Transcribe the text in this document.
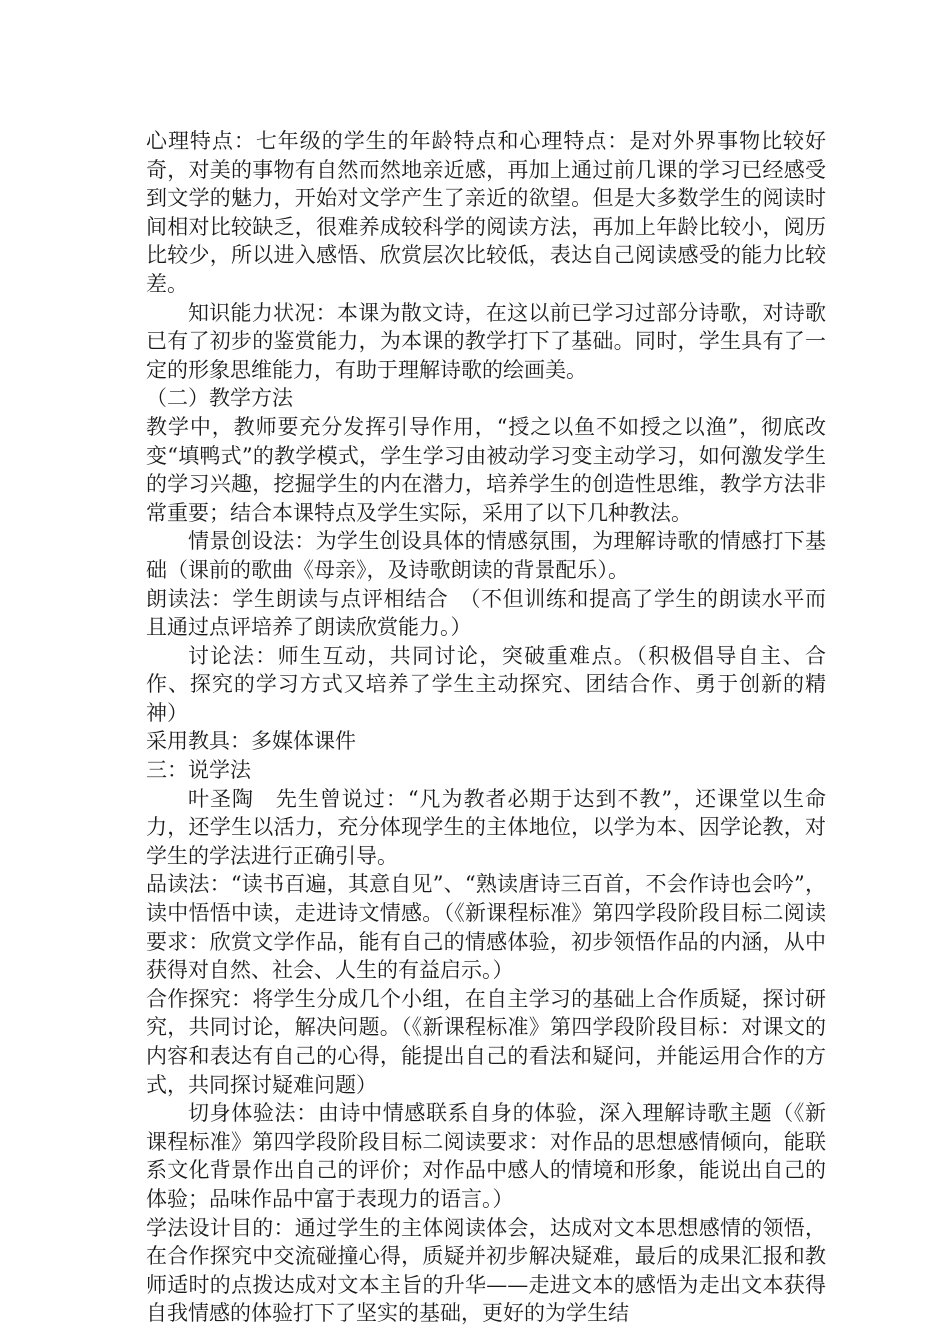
心理特点：七年级的学生的年龄特点和心理特点：是对外界事物比较好奇，对美的事物有自然而然地亲近感，再加上通过前几课的学习已经感受到文学的魅力，开始对文学产生了亲近的欲望。但是大多数学生的阅读时间相对比较缺乏，很难养成较科学的阅读方法，再加上年龄比较小，阅历比较少，所以进入感悟、欣赏层次比较低，表达自己阅读感受的能力比较差。

知识能力状况：本课为散文诗，在这以前已学习过部分诗歌，对诗歌已有了初步的鉴赏能力，为本课的教学打下了基础。同时，学生具有了一定的形象思维能力，有助于理解诗歌的绘画美。

（二）教学方法

教学中，教师要充分发挥引导作用，“授之以鱼不如授之以渔”，彻底改变“填鸭式”的教学模式，学生学习由被动学习变主动学习，如何激发学生的学习兴趣，挖掘学生的内在潜力，培养学生的创造性思维，教学方法非常重要；结合本课特点及学生实际，采用了以下几种教法。

情景创设法：为学生创设具体的情感氛围，为理解诗歌的情感打下基础（课前的歌曲《母亲》，及诗歌朗读的背景配乐）。

朗读法：学生朗读与点评相结合　（不但训练和提高了学生的朗读水平而且通过点评培养了朗读欣赏能力。）

讨论法：师生互动，共同讨论，突破重难点。（积极倡导自主、合作、探究的学习方式又培养了学生主动探究、团结合作、勇于创新的精神）

采用教具：多媒体课件

三：说学法

叶圣陶　先生曾说过：“凡为教者必期于达到不教”，还课堂以生命力，还学生以活力，充分体现学生的主体地位，以学为本、因学论教，对学生的学法进行正确引导。

品读法：“读书百遍，其意自见”、“熟读唐诗三百首，不会作诗也会吟”，读中悟悟中读，走进诗文情感。（《新课程标准》第四学段阶段目标二阅读要求：欣赏文学作品，能有自己的情感体验，初步领悟作品的内涵，从中获得对自然、社会、人生的有益启示。）

合作探究：将学生分成几个小组，在自主学习的基础上合作质疑，探讨研究，共同讨论，解决问题。（《新课程标准》第四学段阶段目标：对课文的内容和表达有自己的心得，能提出自己的看法和疑问，并能运用合作的方式，共同探讨疑难问题）

切身体验法：由诗中情感联系自身的体验，深入理解诗歌主题（《新课程标准》第四学段阶段目标二阅读要求：对作品的思想感情倾向，能联系文化背景作出自己的评价；对作品中感人的情境和形象，能说出自己的体验；品味作品中富于表现力的语言。）

学法设计目的：通过学生的主体阅读体会，达成对文本思想感情的领悟，在合作探究中交流碰撞心得，质疑并初步解决疑难，最后的成果汇报和教师适时的点拨达成对文本主旨的升华——走进文本的感悟为走出文本获得自我情感的体验打下了坚实的基础，更好的为学生结
